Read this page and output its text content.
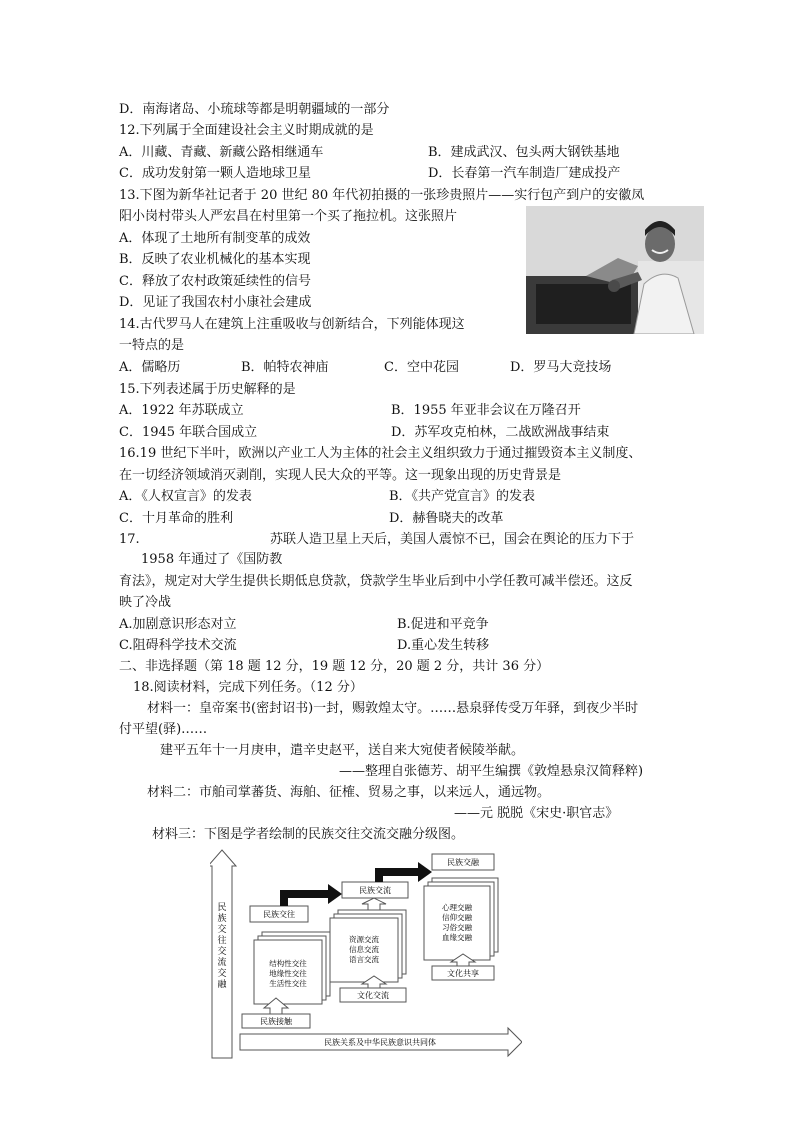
D．南海诸岛、小琉球等都是明朝疆域的一部分
12.下列属于全面建设社会主义时期成就的是
A．川藏、青藏、新藏公路相继通车	B．建成武汉、包头两大钢铁基地
C．成功发射第一颗人造地球卫星	D．长春第一汽车制造厂建成投产
13.下图为新华社记者于 20 世纪 80 年代初拍摄的一张珍贵照片——实行包产到户的安徽凤
阳小岗村带头人严宏昌在村里第一个买了拖拉机。这张照片
A．体现了土地所有制变革的成效
B．反映了农业机械化的基本实现
C．释放了农村政策延续性的信号
D．见证了我国农村小康社会建成
14.古代罗马人在建筑上注重吸收与创新结合，下列能体现这
一特点的是
A．儒略历	B．帕特农神庙	C．空中花园	D．罗马大竞技场
15.下列表述属于历史解释的是
A．1922 年苏联成立	B．1955 年亚非会议在万隆召开
C．1945 年联合国成立	D．苏军攻克柏林，二战欧洲战事结束
16.19 世纪下半叶，欧洲以产业工人为主体的社会主义组织致力于通过摧毁资本主义制度、
在一切经济领域消灭剥削，实现人民大众的平等。这一现象出现的历史背景是
A．《人权宣言》的发表	B．《共产党宣言》的发表
C．十月革命的胜利	D．赫鲁晓夫的改革
17.	苏联人造卫星上天后，美国人震惊不已，国会在舆论的压力下于
1958 年通过了《国防教
育法》，规定对大学生提供长期低息贷款，贷款学生毕业后到中小学任教可减半偿还。这反
映了冷战
A.加剧意识形态对立	B.促进和平竞争
C.阻碍科学技术交流	D.重心发生转移
二、非选择题（第 18 题 12 分，19 题 12 分，20 题 2 分，共计 36 分）
18.阅读材料，完成下列任务。（12 分）
材料一：皇帝案书(密封诏书)一封，赐敦煌太守。……悬泉驿传受万年驿，到夜少半时
付平望(驿)……
建平五年十一月庚申，遣辛史赵平，送自来大宛使者候陵举献。
——整理自张德芳、胡平生编撰《敦煌悬泉汉简释粹)
材料二：市舶司掌蕃货、海舶、征榷、贸易之事，以来远人，通远物。
——元 脱脱《宋史·职官志》
材料三：下图是学者绘制的民族交往交流交融分级图。
民族交往交流交融
民族关系及中华民族意识共同体
民族接触
结构性交往
地缘性交往
生活性交往
民族交往
资源交流
信息交流
语言交流
民族交流
文化交流
民族交融
心理交融
信仰交融
习俗交融
血缘交融
文化共享
